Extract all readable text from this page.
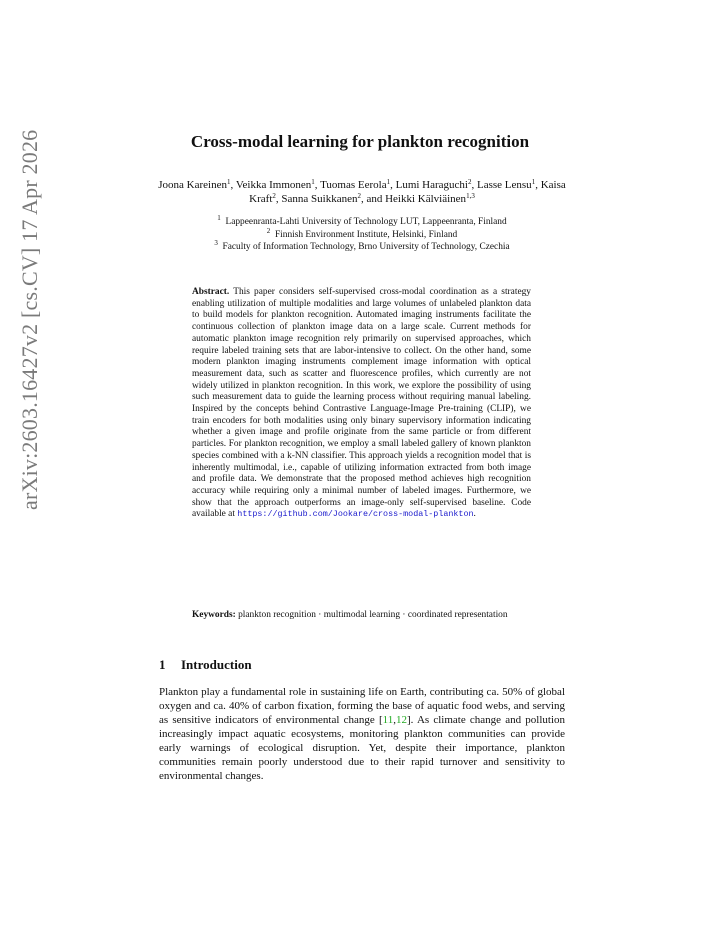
arXiv:2603.16427v2 [cs.CV] 17 Apr 2026	Cross-modal learning for plankton recognition
Joona Kareinen$^1$, Veikka Immonen$^1$, Tuomas Eerola$^1$, Lumi Haraguchi$^2$, Lasse Lensu$^1$, Kaisa Kraft$^2$, Sanna Suikkanen$^2$, and Heikki Kälviäinen$^{1,3}$
$^1$ Lappeenranta-Lahti University of Technology LUT, Lappeenranta, Finland
$^2$ Finnish Environment Institute, Helsinki, Finland
$^3$ Faculty of Information Technology, Brno University of Technology, Czechia
Abstract. This paper considers self-supervised cross-modal coordination as a strategy enabling utilization of multiple modalities and large volumes of unlabeled plankton data to build models for plankton recognition. Automated imaging instruments facilitate the continuous collection of plankton image data on a large scale. Current methods for automatic plankton image recognition rely primarily on supervised approaches, which require labeled training sets that are labor-intensive to collect. On the other hand, some modern plankton imaging instruments complement image information with optical measurement data, such as scatter and fluorescence profiles, which currently are not widely utilized in plankton recognition. In this work, we explore the possibility of using such measurement data to guide the learning process without requiring manual labeling. Inspired by the concepts behind Contrastive Language-Image Pre-training (CLIP), we train encoders for both modalities using only binary supervisory information indicating whether a given image and profile originate from the same particle or from different particles. For plankton recognition, we employ a small labeled gallery of known plankton species combined with a k-NN classifier. This approach yields a recognition model that is inherently multimodal, i.e., capable of utilizing information extracted from both image and profile data. We demonstrate that the proposed method achieves high recognition accuracy while requiring only a minimal number of labeled images. Furthermore, we show that the approach outperforms an image-only self-supervised baseline. Code available at https://github.com/Jookare/cross-modal-plankton.
Keywords: plankton recognition · multimodal learning · coordinated representation
1 Introduction
Plankton play a fundamental role in sustaining life on Earth, contributing ca. 50% of global oxygen and ca. 40% of carbon fixation, forming the base of aquatic food webs, and serving as sensitive indicators of environmental change [11,12]. As climate change and pollution increasingly impact aquatic ecosystems, monitoring plankton communities can provide early warnings of ecological disruption. Yet, despite their importance, plankton communities remain poorly understood due to their rapid turnover and sensitivity to environmental changes.
